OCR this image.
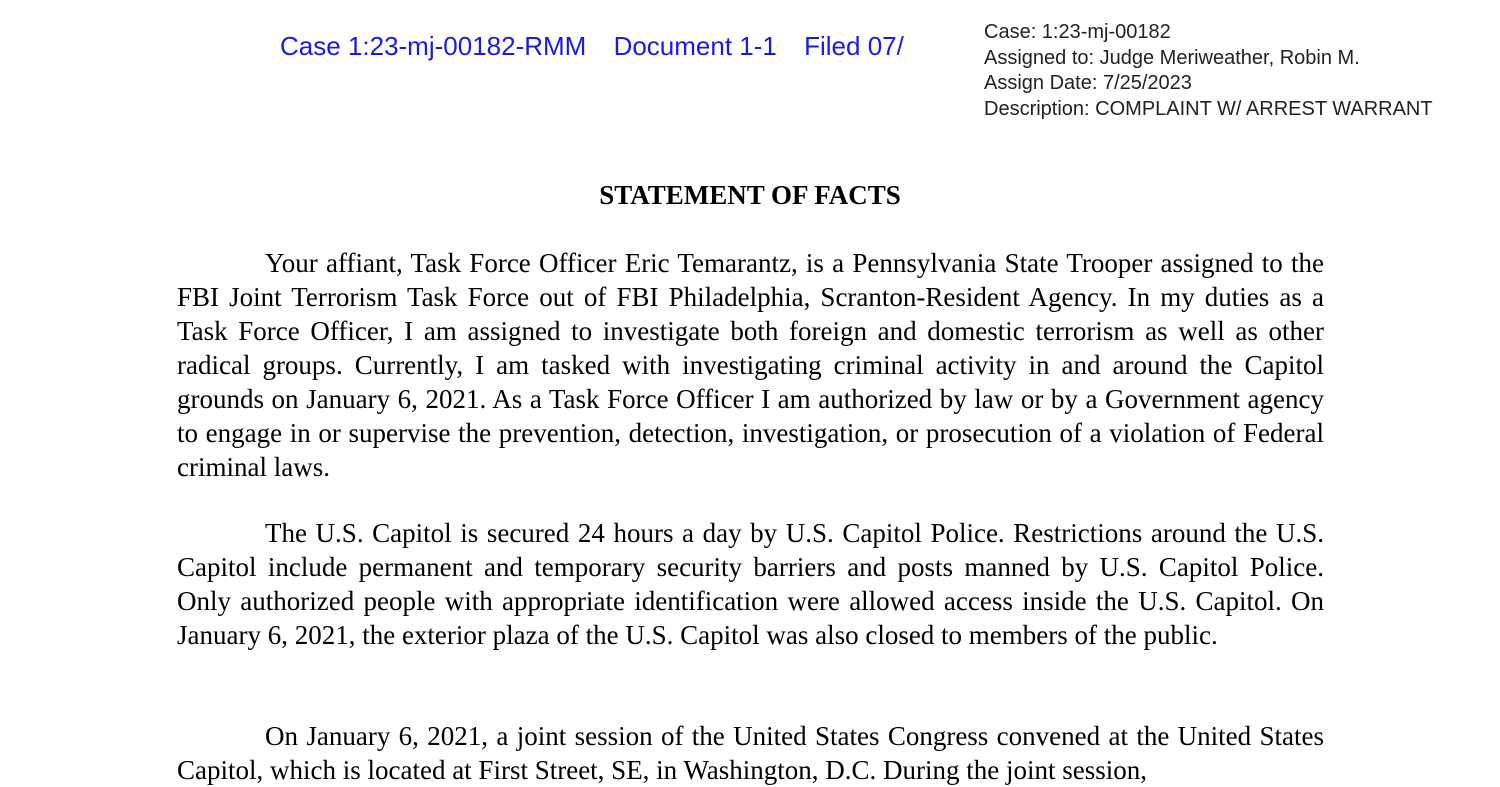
Case 1:23-mj-00182-RMM Document 1-1 Filed 07/	Case: 1:23-mj-00182
Assigned to: Judge Meriweather, Robin M.
Assign Date: 7/25/2023
Description: COMPLAINT W/ ARREST WARRANT
STATEMENT OF FACTS

Your affiant, Task Force Officer Eric Temarantz, is a Pennsylvania State Trooper assigned to the FBI Joint Terrorism Task Force out of FBI Philadelphia, Scranton-Resident Agency. In my duties as a Task Force Officer, I am assigned to investigate both foreign and domestic terrorism as well as other radical groups. Currently, I am tasked with investigating criminal activity in and around the Capitol grounds on January 6, 2021. As a Task Force Officer I am authorized by law or by a Government agency to engage in or supervise the prevention, detection, investigation, or prosecution of a violation of Federal criminal laws.

The U.S. Capitol is secured 24 hours a day by U.S. Capitol Police. Restrictions around the U.S. Capitol include permanent and temporary security barriers and posts manned by U.S. Capitol Police. Only authorized people with appropriate identification were allowed access inside the U.S. Capitol. On January 6, 2021, the exterior plaza of the U.S. Capitol was also closed to members of the public.

On January 6, 2021, a joint session of the United States Congress convened at the United States Capitol, which is located at First Street, SE, in Washington, D.C. During the joint session,
